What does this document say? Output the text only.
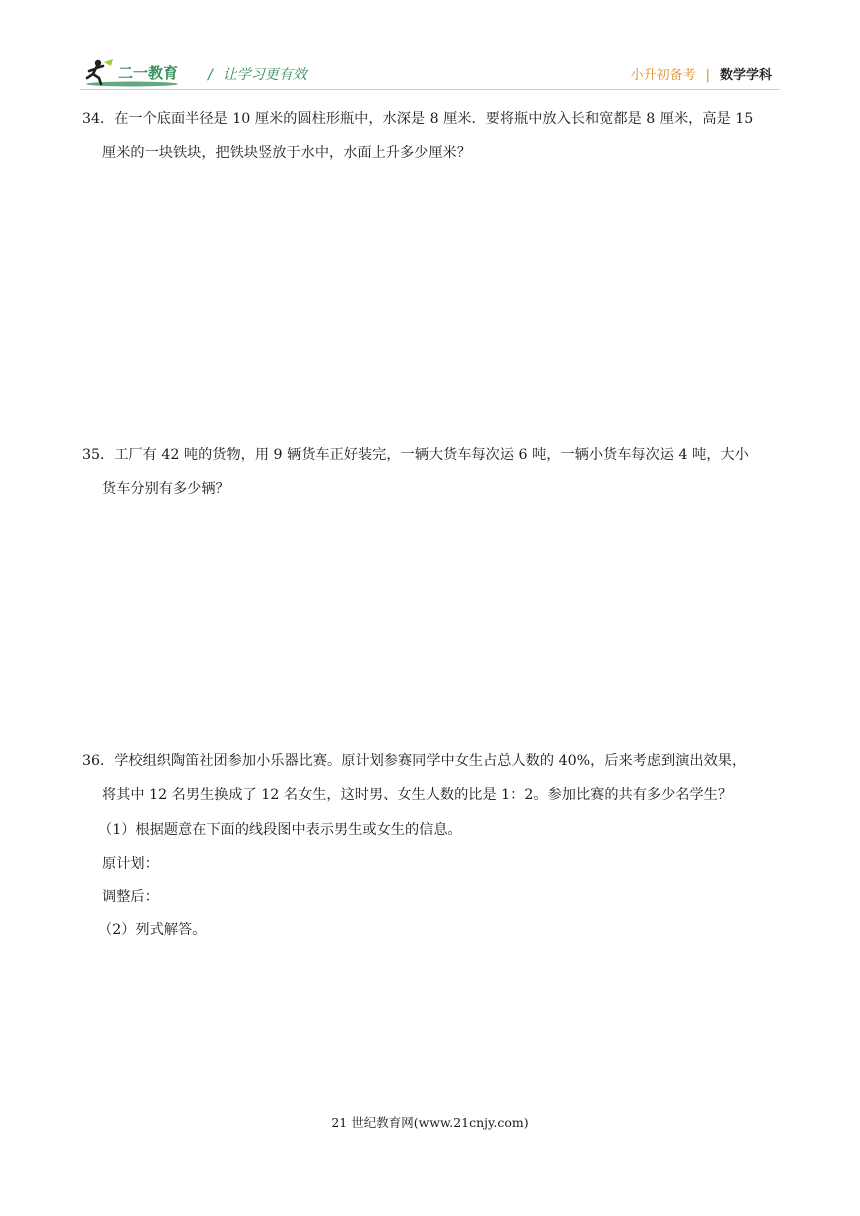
二一教育 / 让学习更有效	小升初备考 | 数学学科
34．在一个底面半径是 10 厘米的圆柱形瓶中，水深是 8 厘米．要将瓶中放入长和宽都是 8 厘米，高是 15
厘米的一块铁块，把铁块竖放于水中，水面上升多少厘米？
35．工厂有 42 吨的货物，用 9 辆货车正好装完，一辆大货车每次运 6 吨，一辆小货车每次运 4 吨，大小
货车分别有多少辆？
36．学校组织陶笛社团参加小乐器比赛。原计划参赛同学中女生占总人数的 40%，后来考虑到演出效果，
将其中 12 名男生换成了 12 名女生，这时男、女生人数的比是 1：2。参加比赛的共有多少名学生？
（1）根据题意在下面的线段图中表示男生或女生的信息。
原计划：
调整后：
（2）列式解答。
21 世纪教育网(www.21cnjy.com)
